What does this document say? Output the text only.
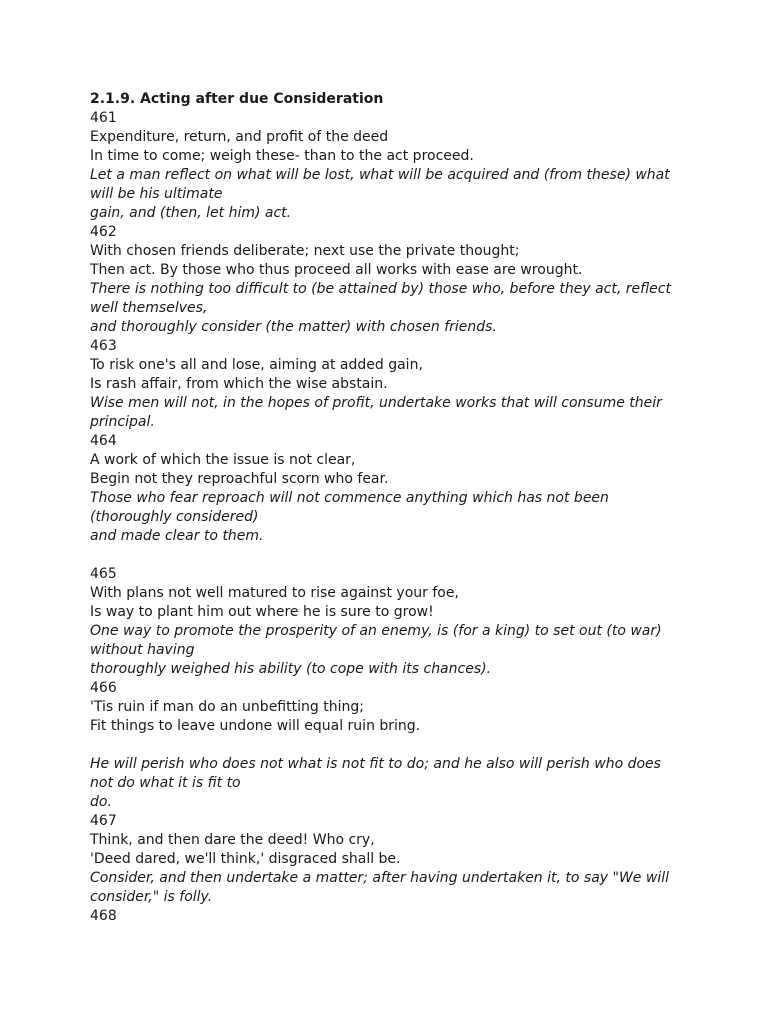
2.1.9. Acting after due Consideration

461

Expenditure, return, and profit of the deed

In time to come; weigh these- than to the act proceed.

Let a man reflect on what will be lost, what will be acquired and (from these) what will be his ultimate

gain, and (then, let him) act.

462

With chosen friends deliberate; next use the private thought;

Then act. By those who thus proceed all works with ease are wrought.

There is nothing too difficult to (be attained by) those who, before they act, reflect well themselves,

and thoroughly consider (the matter) with chosen friends.

463

To risk one's all and lose, aiming at added gain,

Is rash affair, from which the wise abstain.

Wise men will not, in the hopes of profit, undertake works that will consume their principal.

464

A work of which the issue is not clear,

Begin not they reproachful scorn who fear.

Those who fear reproach will not commence anything which has not been (thoroughly considered)

and made clear to them.

465

With plans not well matured to rise against your foe,

Is way to plant him out where he is sure to grow!

One way to promote the prosperity of an enemy, is (for a king) to set out (to war) without having

thoroughly weighed his ability (to cope with its chances).

466

'Tis ruin if man do an unbefitting thing;

Fit things to leave undone will equal ruin bring.

He will perish who does not what is not fit to do; and he also will perish who does not do what it is fit to

do.

467

Think, and then dare the deed! Who cry,

'Deed dared, we'll think,' disgraced shall be.

Consider, and then undertake a matter; after having undertaken it, to say "We will consider," is folly.

468
